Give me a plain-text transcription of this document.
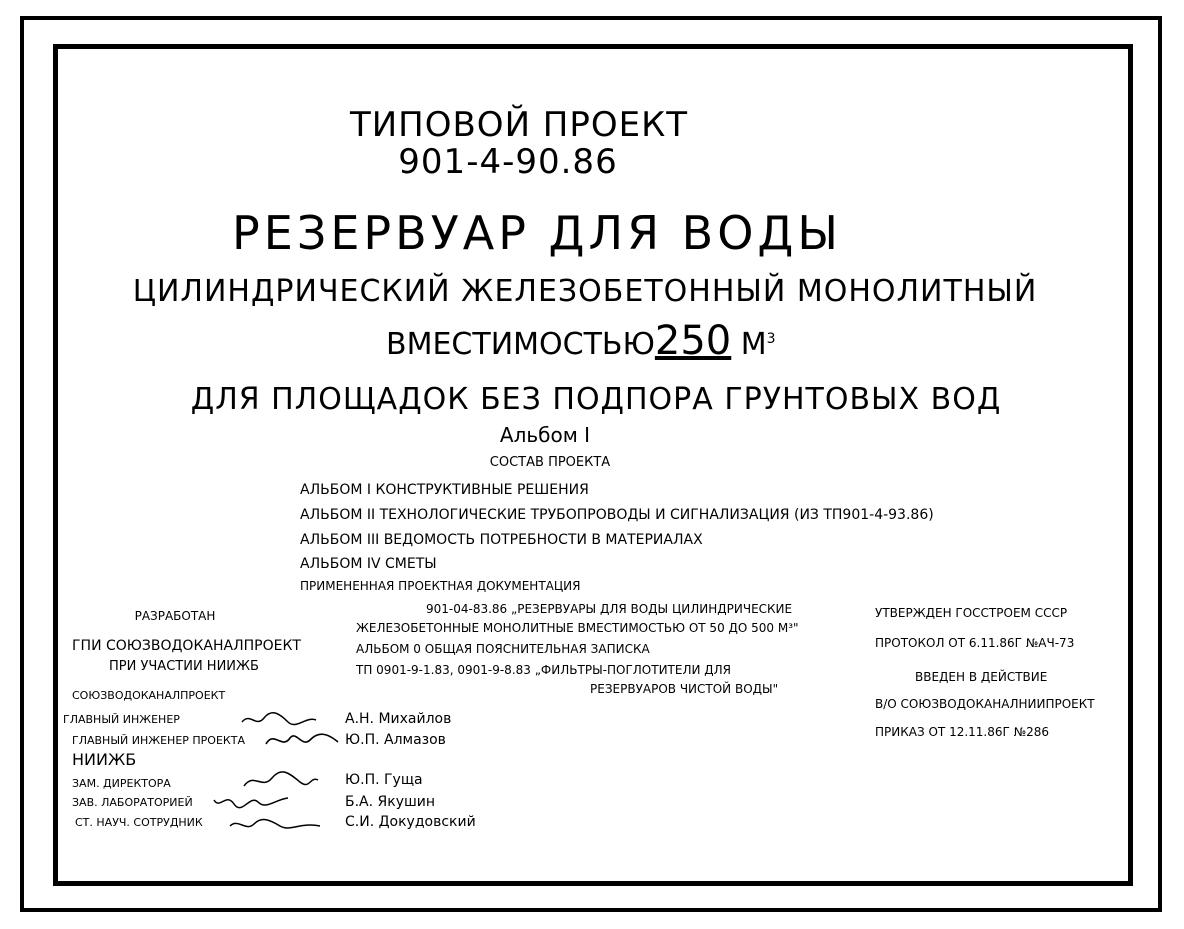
ТИПОВОЙ ПРОЕКТ
901-4-90.86
РЕЗЕРВУАР ДЛЯ ВОДЫ
ЦИЛИНДРИЧЕСКИЙ ЖЕЛЕЗОБЕТОННЫЙ МОНОЛИТНЫЙ
ВМЕСТИМОСТЬЮ250 $М^3$
ДЛЯ ПЛОЩАДОК БЕЗ ПОДПОРА ГРУНТОВЫХ ВОД
Альбом I
СОСТАВ ПРОЕКТА
АЛЬБОМ I КОНСТРУКТИВНЫЕ РЕШЕНИЯ
АЛЬБОМ II ТЕХНОЛОГИЧЕСКИЕ ТРУБОПРОВОДЫ И СИГНАЛИЗАЦИЯ (ИЗ ТП901-4-93.86)
АЛЬБОМ III ВЕДОМОСТЬ ПОТРЕБНОСТИ В МАТЕРИАЛАХ
АЛЬБОМ IV СМЕТЫ
ПРИМЕНЕННАЯ ПРОЕКТНАЯ ДОКУМЕНТАЦИЯ
901-04-83.86 „РЕЗЕРВУАРЫ ДЛЯ ВОДЫ ЦИЛИНДРИЧЕСКИЕ
ЖЕЛЕЗОБЕТОННЫЕ МОНОЛИТНЫЕ ВМЕСТИМОСТЬЮ ОТ 50 ДО 500 М³"
АЛЬБОМ 0 ОБЩАЯ ПОЯСНИТЕЛЬНАЯ ЗАПИСКА
ТП 0901-9-1.83, 0901-9-8.83 „ФИЛЬТРЫ-ПОГЛОТИТЕЛИ ДЛЯ
РЕЗЕРВУАРОВ ЧИСТОЙ ВОДЫ"
РАЗРАБОТАН
ГПИ СОЮЗВОДОКАНАЛПРОЕКТ
ПРИ УЧАСТИИ НИИЖБ
УТВЕРЖДЕН ГОССТРОЕМ СССР
ПРОТОКОЛ ОТ 6.11.86Г №АЧ-73
ВВЕДЕН В ДЕЙСТВИЕ
В/О СОЮЗВОДОКАНАЛНИИПРОЕКТ
ПРИКАЗ ОТ 12.11.86Г №286
СОЮЗВОДОКАНАЛПРОЕКТ
ГЛАВНЫЙ ИНЖЕНЕР	А.Н. Михайлов
ГЛАВНЫЙ ИНЖЕНЕР ПРОЕКТА	Ю.П. Алмазов
НИИЖБ
ЗАМ. ДИРЕКТОРА	Ю.П. Гуща
ЗАВ. ЛАБОРАТОРИЕЙ	Б.А. Якушин
СТ. НАУЧ. СОТРУДНИК	С.И. Докудовский
